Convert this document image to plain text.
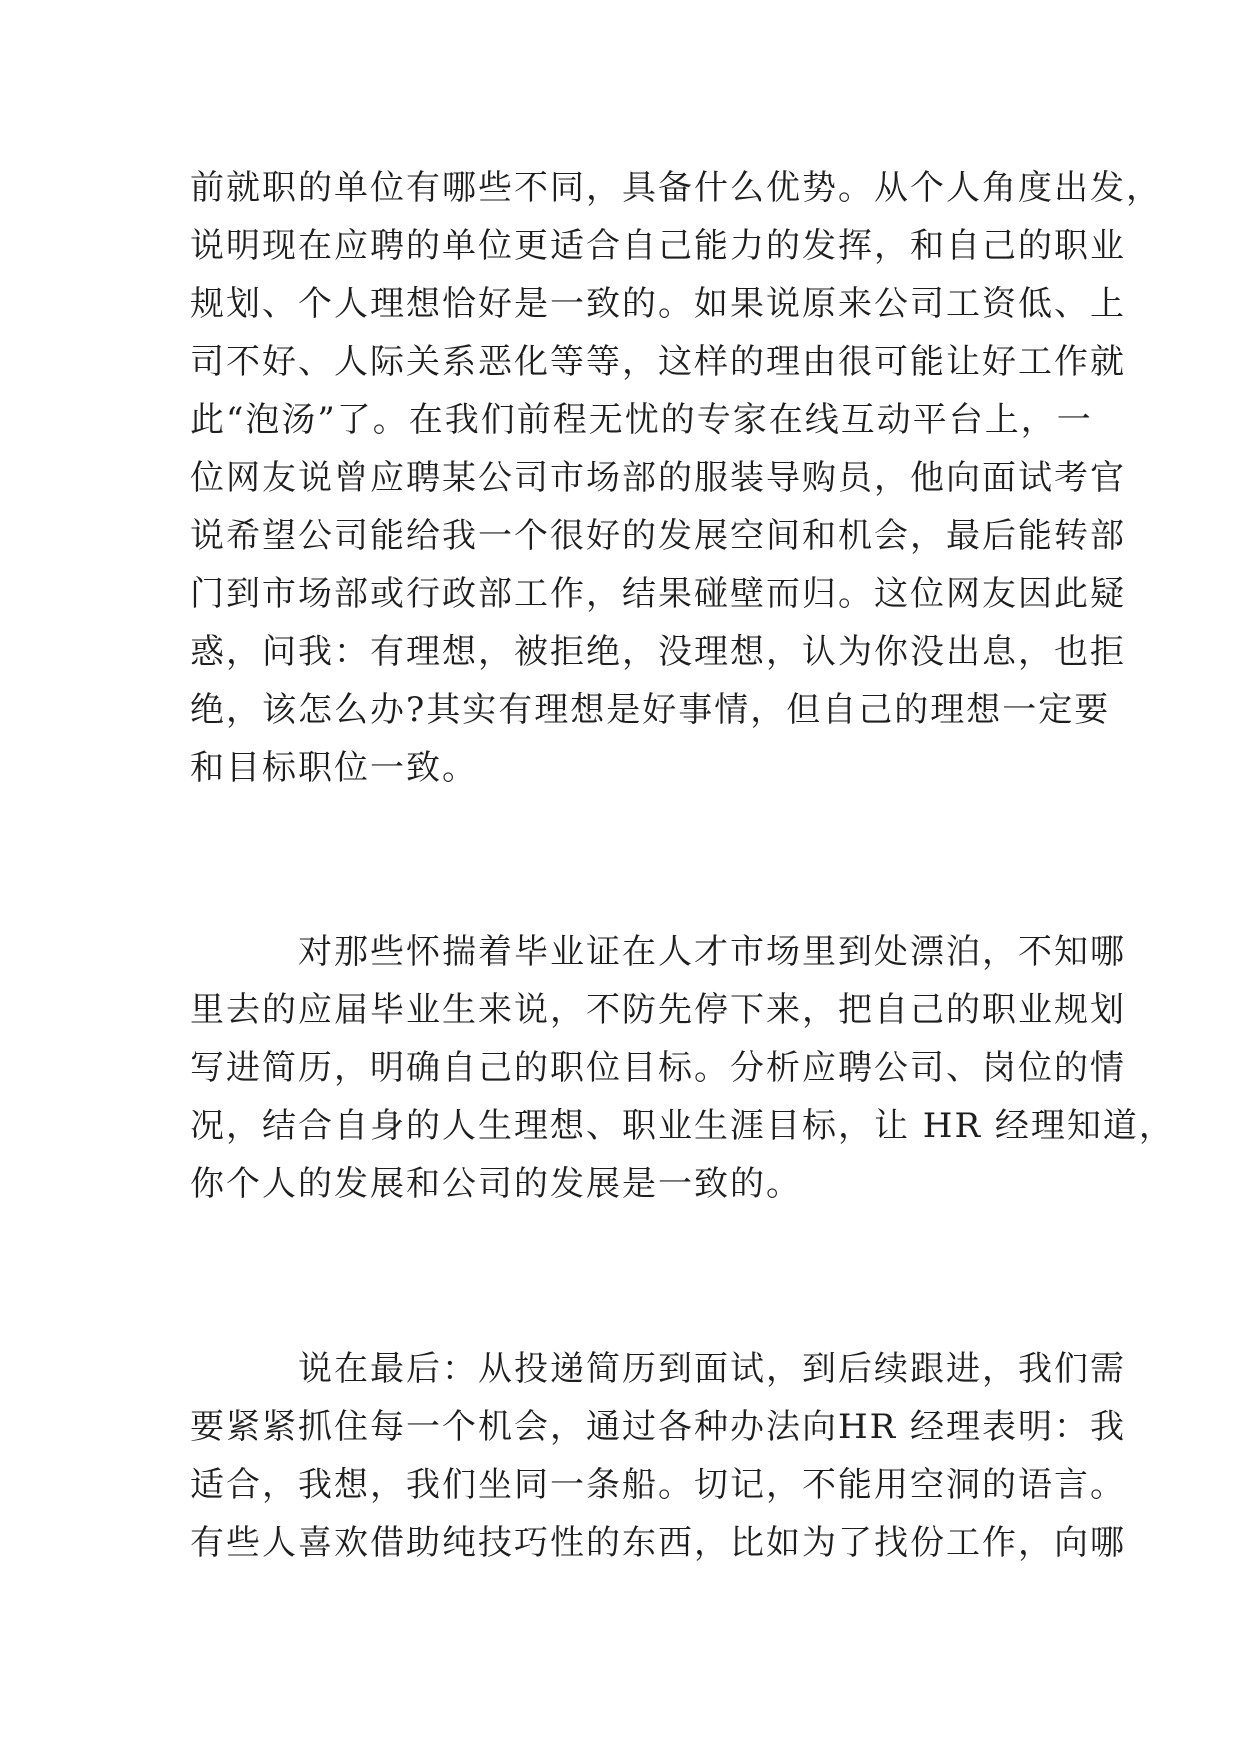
前就职的单位有哪些不同，具备什么优势。从个人角度出发，
说明现在应聘的单位更适合自己能力的发挥，和自己的职业
规划、个人理想恰好是一致的。如果说原来公司工资低、上
司不好、人际关系恶化等等，这样的理由很可能让好工作就
此“泡汤”了。在我们前程无忧的专家在线互动平台上，一
位网友说曾应聘某公司市场部的服装导购员，他向面试考官
说希望公司能给我一个很好的发展空间和机会，最后能转部
门到市场部或行政部工作，结果碰壁而归。这位网友因此疑
惑，问我：有理想，被拒绝，没理想，认为你没出息，也拒
绝，该怎么办?其实有理想是好事情，但自己的理想一定要
和目标职位一致。
对那些怀揣着毕业证在人才市场里到处漂泊，不知哪
里去的应届毕业生来说，不防先停下来，把自己的职业规划
写进简历，明确自己的职位目标。分析应聘公司、岗位的情
况，结合自身的人生理想、职业生涯目标，让 HR 经理知道，
你个人的发展和公司的发展是一致的。
说在最后：从投递简历到面试，到后续跟进，我们需
要紧紧抓住每一个机会，通过各种办法向HR 经理表明：我
适合，我想，我们坐同一条船。切记，不能用空洞的语言。
有些人喜欢借助纯技巧性的东西，比如为了找份工作，向哪
